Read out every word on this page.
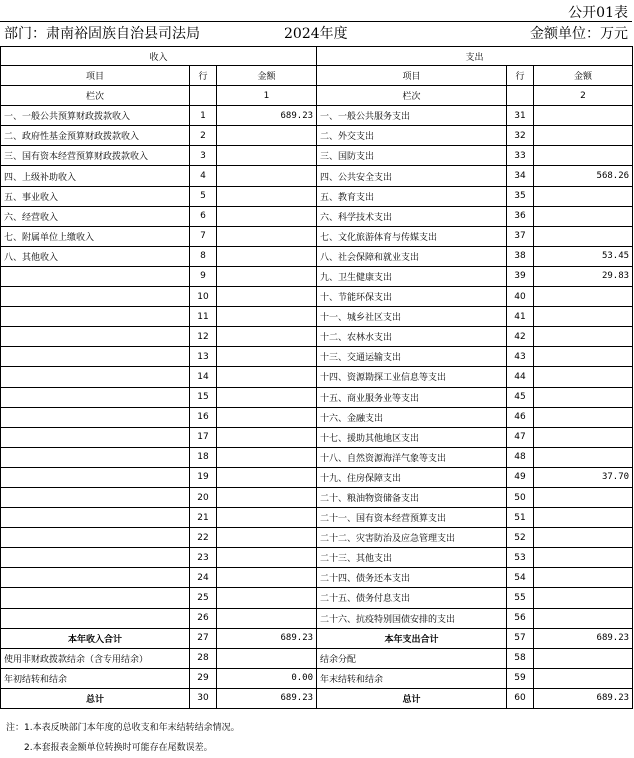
公开01表
部门：肃南裕固族自治县司法局	2024年度	金额单位：万元
收入			支出		
项目	行	金额	项目	行	金额
栏次		1	栏次		2
一、一般公共预算财政拨款收入	1	689.23	一、一般公共服务支出	31	
二、政府性基金预算财政拨款收入	2		二、外交支出	32	
三、国有资本经营预算财政拨款收入	3		三、国防支出	33	
四、上级补助收入	4		四、公共安全支出	34	568.26
五、事业收入	5		五、教育支出	35	
六、经营收入	6		六、科学技术支出	36	
七、附属单位上缴收入	7		七、文化旅游体育与传媒支出	37	
八、其他收入	8		八、社会保障和就业支出	38	53.45
	9		九、卫生健康支出	39	29.83
	10		十、节能环保支出	40	
	11		十一、城乡社区支出	41	
	12		十二、农林水支出	42	
	13		十三、交通运输支出	43	
	14		十四、资源勘探工业信息等支出	44	
	15		十五、商业服务业等支出	45	
	16		十六、金融支出	46	
	17		十七、援助其他地区支出	47	
	18		十八、自然资源海洋气象等支出	48	
	19		十九、住房保障支出	49	37.70
	20		二十、粮油物资储备支出	50	
	21		二十一、国有资本经营预算支出	51	
	22		二十二、灾害防治及应急管理支出	52	
	23		二十三、其他支出	53	
	24		二十四、债务还本支出	54	
	25		二十五、债务付息支出	55	
	26		二十六、抗疫特别国债安排的支出	56	
本年收入合计	27	689.23	本年支出合计	57	689.23
使用非财政拨款结余（含专用结余）	28		结余分配	58	
年初结转和结余	29	0.00	年末结转和结余	59	
总计	30	689.23	总计	60	689.23
注：1.本表反映部门本年度的总收支和年末结转结余情况。
2.本套报表金额单位转换时可能存在尾数误差。
